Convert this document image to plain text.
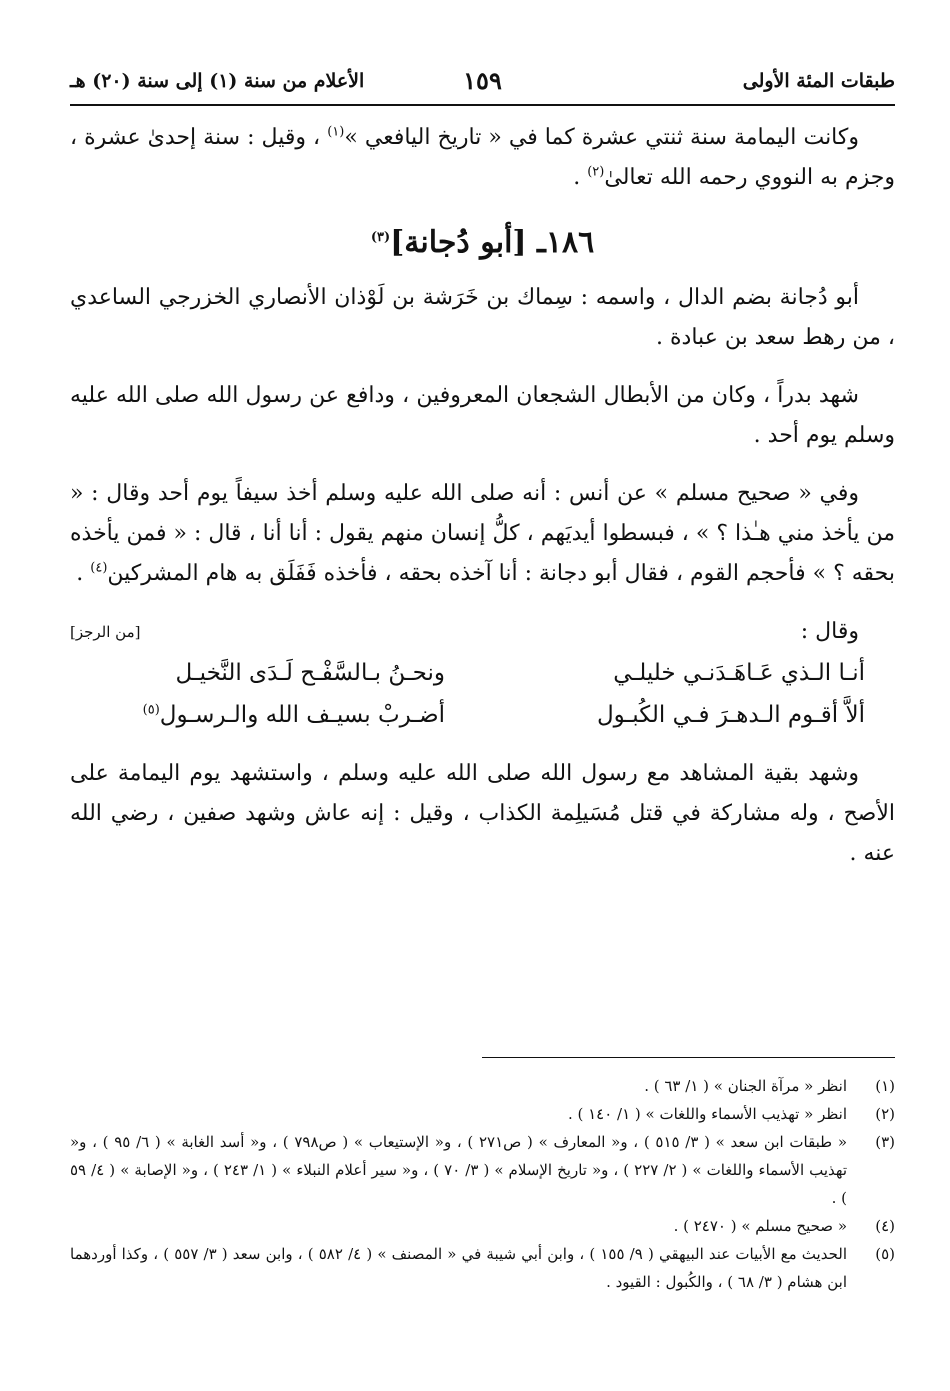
طبقات المئة الأولى
١٥٩
الأعلام من سنة (١) إلى سنة (٢٠) هـ

وكانت اليمامة سنة ثنتي عشرة كما في « تاريخ اليافعي »$^{(١)}$ ، وقيل : سنة إحدىٰ عشرة ، وجزم به النووي رحمه الله تعالىٰ$^{(٢)}$ .

١٨٦ـ [أبو دُجانة]$^{(٣)}$

أبو دُجانة بضم الدال ، واسمه : سِماك بن خَرَشة بن لَوْذان الأنصاري الخزرجي الساعدي ، من رهط سعد بن عبادة .

شهد بدراً ، وكان من الأبطال الشجعان المعروفين ، ودافع عن رسول الله صلى الله عليه وسلم يوم أحد .

وفي « صحيح مسلم » عن أنس : أنه صلى الله عليه وسلم أخذ سيفاً يوم أحد وقال : « من يأخذ مني هـٰذا ؟ » ، فبسطوا أيديَهم ، كلُّ إنسان منهم يقول : أنا أنا ، قال : « فمن يأخذه بحقه ؟ » فأحجم القوم ، فقال أبو دجانة : أنا آخذه بحقه ، فأخذه فَفَلَق به هام المشركين$^{(٤)}$ .

وقال :
[من الرجز]
أنـا الـذي عَـاهَـدَنـي خليلـي
ونحـنُ بـالسَّفْـح لَـدَى النَّخيـل
ألاَّ أقـوم الـدهـرَ فـي الكُبـول
أضـربْ بسيـف الله والـرسـول$^{(٥)}$

وشهد بقية المشاهد مع رسول الله صلى الله عليه وسلم ، واستشهد يوم اليمامة على الأصح ، وله مشاركة في قتل مُسَيلِمة الكذاب ، وقيل : إنه عاش وشهد صفين ، رضي الله عنه .

(١)
انظر « مرآة الجنان » ( ١/ ٦٣ ) .
(٢)
انظر « تهذيب الأسماء واللغات » ( ١/ ١٤٠ ) .
(٣)
« طبقات ابن سعد » ( ٣/ ٥١٥ ) ، و« المعارف » ( ص٢٧١ ) ، و« الإستيعاب » ( ص٧٩٨ ) ، و« أسد الغابة » ( ٦/ ٩٥ ) ، و« تهذيب الأسماء واللغات » ( ٢/ ٢٢٧ ) ، و« تاريخ الإسلام » ( ٣/ ٧٠ ) ، و« سير أعلام النبلاء » ( ١/ ٢٤٣ ) ، و« الإصابة » ( ٤/ ٥٩ ) .
(٤)
« صحيح مسلم » ( ٢٤٧٠ ) .
(٥)
الحديث مع الأبيات عند البيهقي ( ٩/ ١٥٥ ) ، وابن أبي شيبة في « المصنف » ( ٤/ ٥٨٢ ) ، وابن سعد ( ٣/ ٥٥٧ ) ، وكذا أوردهما ابن هشام ( ٣/ ٦٨ ) ، والكُبول : القيود .
